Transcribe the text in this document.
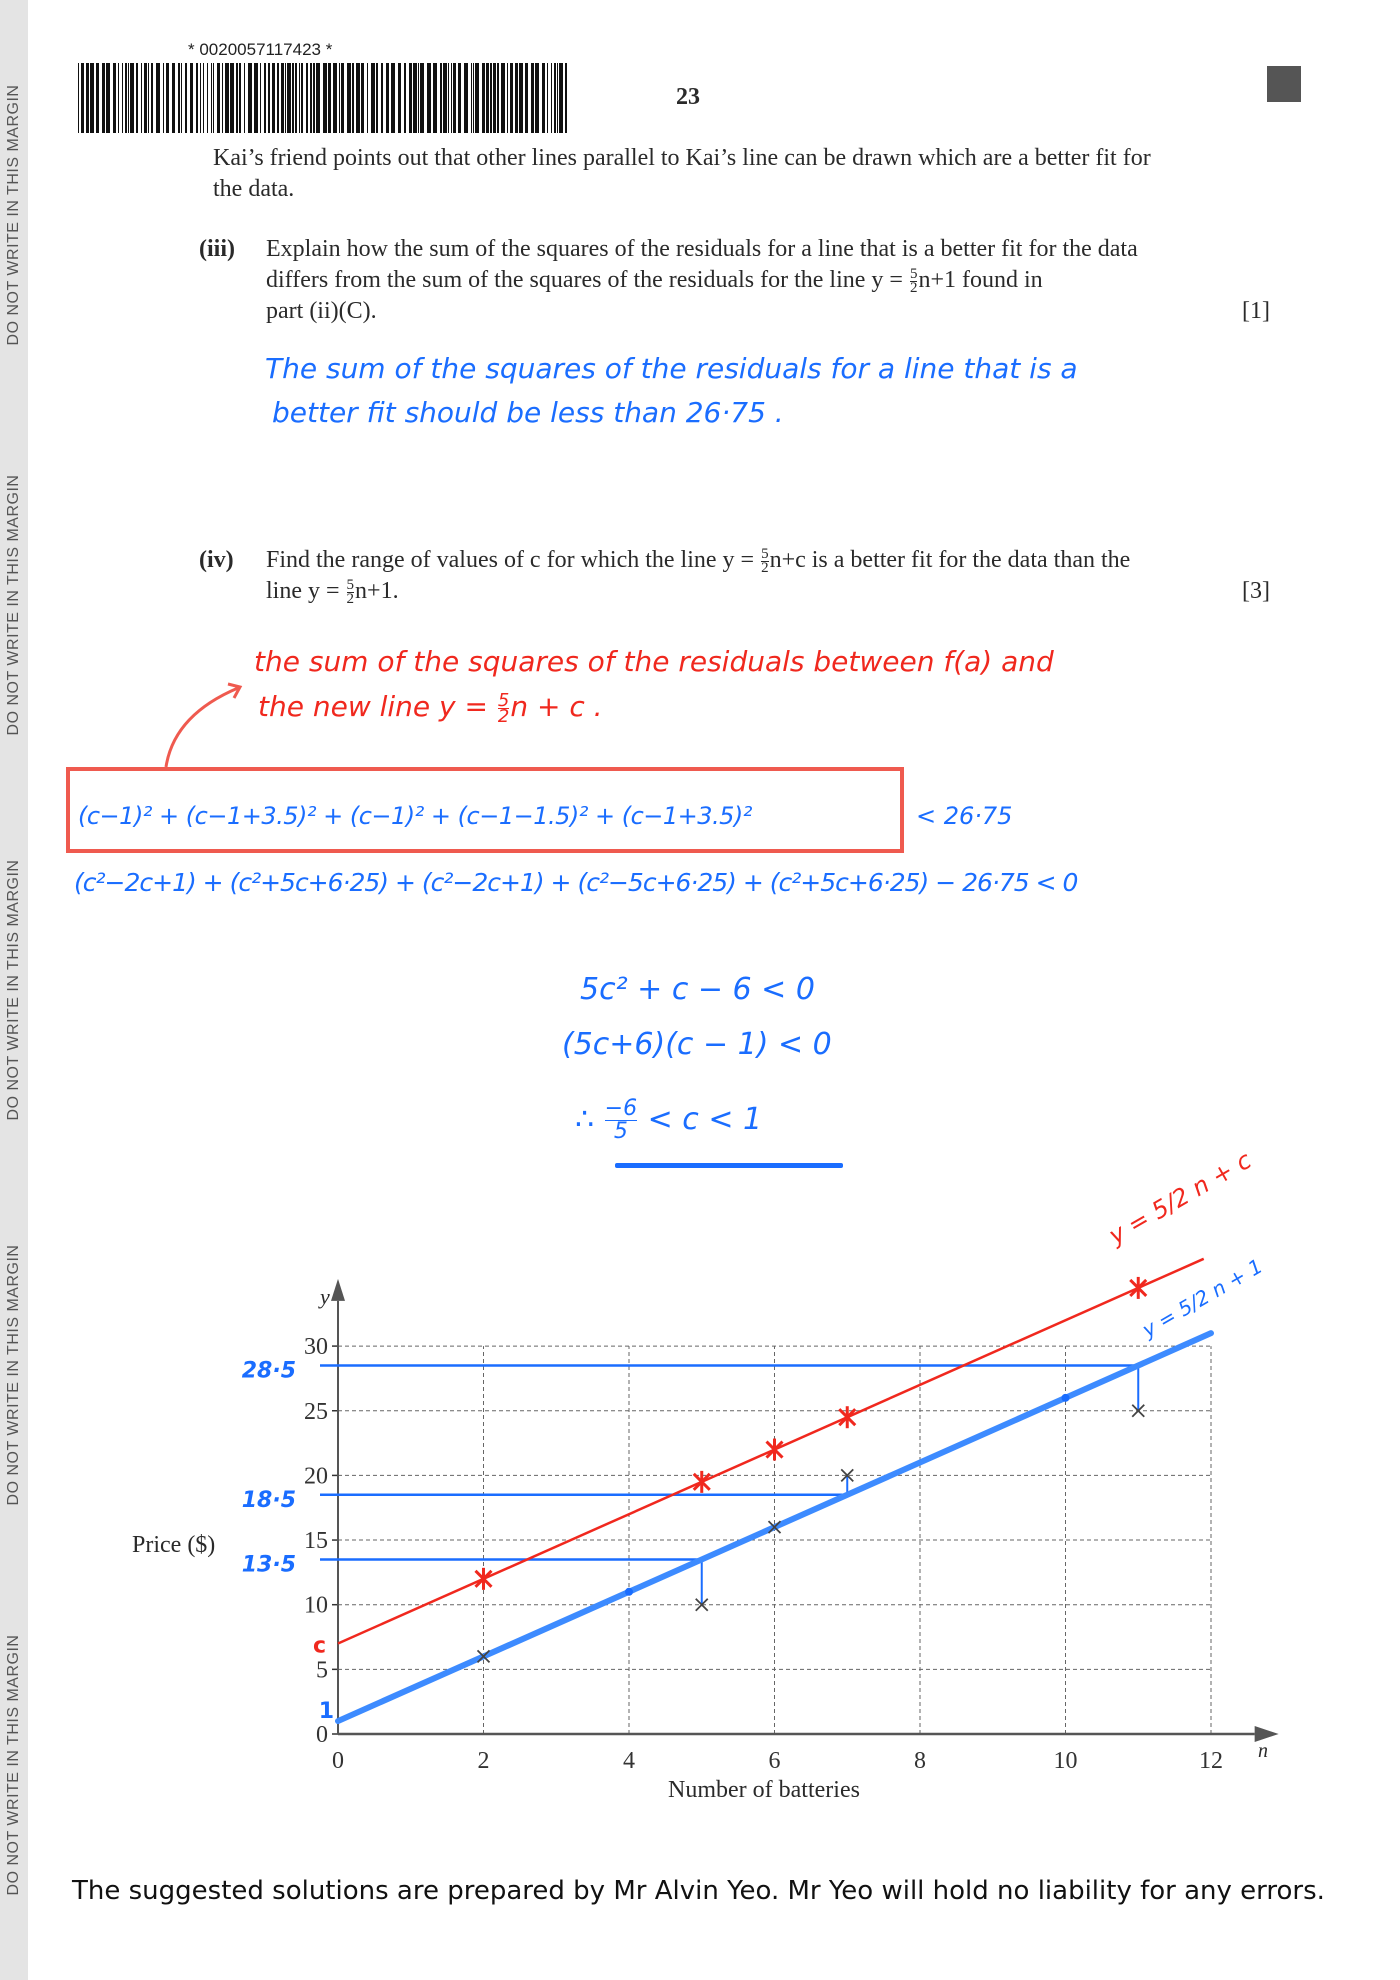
DO NOT WRITE IN THIS MARGIN
DO NOT WRITE IN THIS MARGIN
DO NOT WRITE IN THIS MARGIN
DO NOT WRITE IN THIS MARGIN
DO NOT WRITE IN THIS MARGIN
* 0020057117423 *
23
Kai’s friend points out that other lines parallel to Kai’s line can be drawn which are a better fit for
the data.
(iii) Explain how the sum of the squares of the residuals for a line that is a better fit for the data
differs from the sum of the squares of the residuals for the line $y = \frac{5}{2} n+1$ found in
part (ii)(C).	[1]
The sum of the squares of the residuals for a line that is a
better fit should be less than 26·75 .
(iv) Find the range of values of c for which the line $y = \frac{5}{2} n+c$ is a better fit for the data than the
line $y = \frac{5}{2} n+1$.	[3]
the sum of the squares of the residuals between f(a) and
the new line $y = \frac{5}{2}$ n + c .
(c−1)² + (c−1+3.5)² + (c−1)² + (c−1−1.5)² + (c−1+3.5)²	< 26·75
(c²−2c+1) + (c²+5c+6·25) + (c²−2c+1) + (c²−5c+6·25) + (c²+5c+6·25) − 26·75 < 0
5c² + c − 6 < 0
(5c+6)(c − 1) < 0
∴ $\frac{-6}{5} < c < 1$
0	2	4	6	8	10	12
0
5
10
15
20
25
30
28·5
18·5
13·5
c
1
Price ($)
Number of batteries
n
y
y = 5/2 n + c
y = 5/2 n + 1
The suggested solutions are prepared by Mr Alvin Yeo. Mr Yeo will hold no liability for any errors.
